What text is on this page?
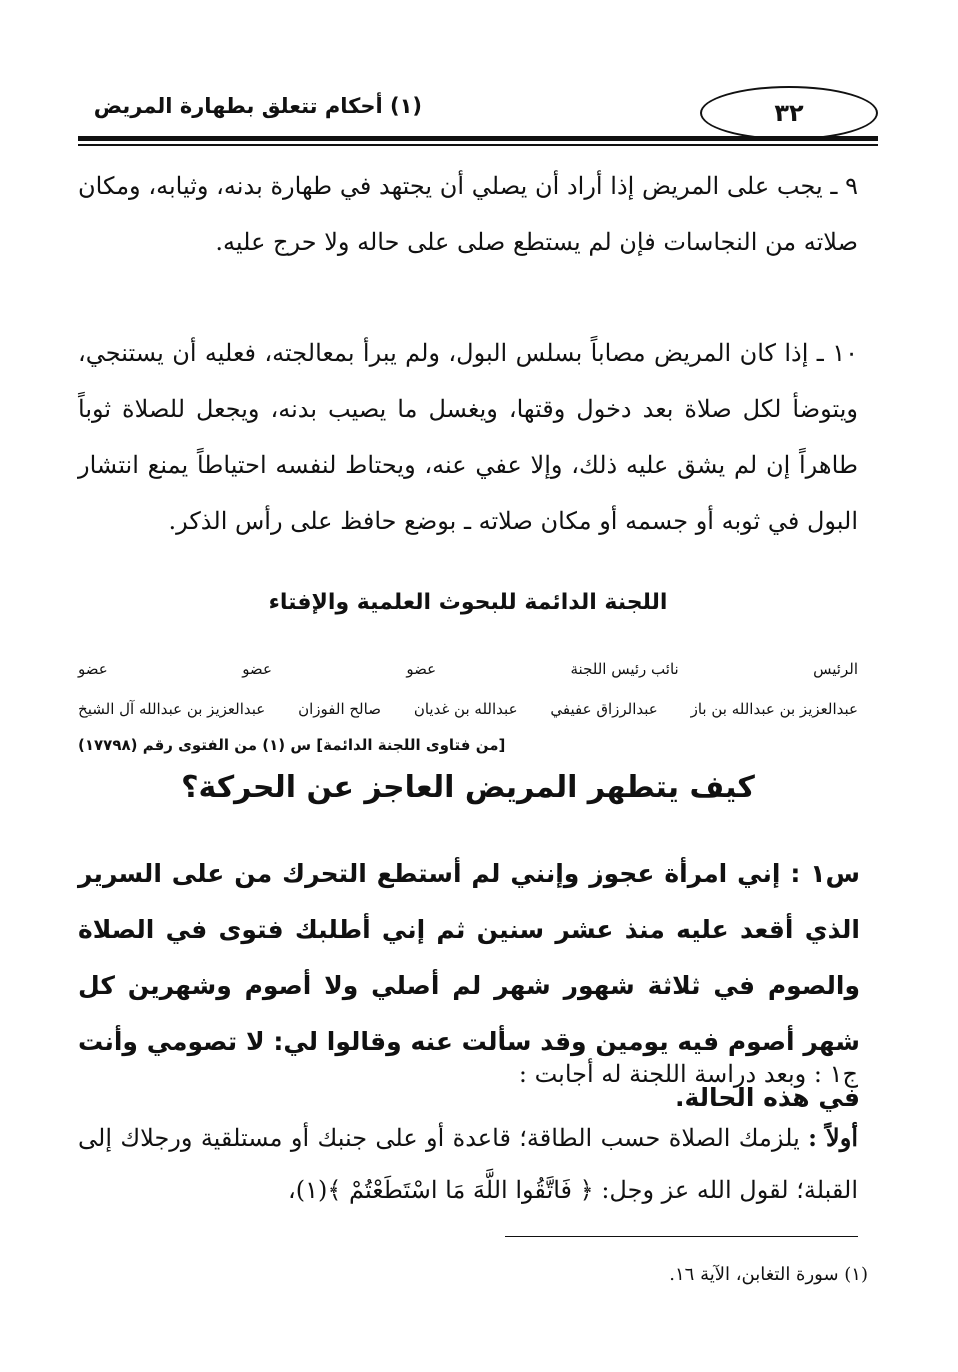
(١) أحكام تتعلق بطهارة المريض	٣٢
٩ ـ يجب على المريض إذا أراد أن يصلي أن يجتهد في طهارة بدنه، وثيابه، ومكان صلاته من النجاسات فإن لم يستطع صلى على حاله ولا حرج عليه.
١٠ ـ إذا كان المريض مصاباً بسلس البول، ولم يبرأ بمعالجته، فعليه أن يستنجي، ويتوضأ لكل صلاة بعد دخول وقتها، ويغسل ما يصيب بدنه، ويجعل للصلاة ثوباً طاهراً إن لم يشق عليه ذلك، وإلا عفي عنه، ويحتاط لنفسه احتياطاً يمنع انتشار البول في ثوبه أو جسمه أو مكان صلاته ـ بوضع حافظ على رأس الذكر.
اللجنة الدائمة للبحوث العلمية والإفتاء
الرئيس
نائب رئيس اللجنة
عضو
عضو
عضو
عبدالعزيز بن عبدالله بن باز
عبدالرزاق عفيفي
عبدالله بن غديان
صالح الفوزان
عبدالعزيز بن عبدالله آل الشيخ
[من فتاوى اللجنة الدائمة] س (١) من الفتوى رقم (١٧٧٩٨)
كيف يتطهر المريض العاجز عن الحركة؟
س١ : إني امرأة عجوز وإنني لم أستطع التحرك من على السرير الذي أقعد عليه منذ عشر سنين ثم إني أطلبك فتوى في الصلاة والصوم في ثلاثة شهور شهر لم أصلي ولا أصوم وشهرين كل شهر أصوم فيه يومين وقد سألت عنه وقالوا لي: لا تصومي وأنت في هذه الحالة.
ج١ : وبعد دراسة اللجنة له أجابت :
أولاً : يلزمك الصلاة حسب الطاقة؛ قاعدة أو على جنبك أو مستلقية ورجلاك إلى القبلة؛ لقول الله عز وجل: ﴿ فَاتَّقُوا اللَّهَ مَا اسْتَطَعْتُمْ ﴾(١)،
(١) سورة التغابن، الآية ١٦.
